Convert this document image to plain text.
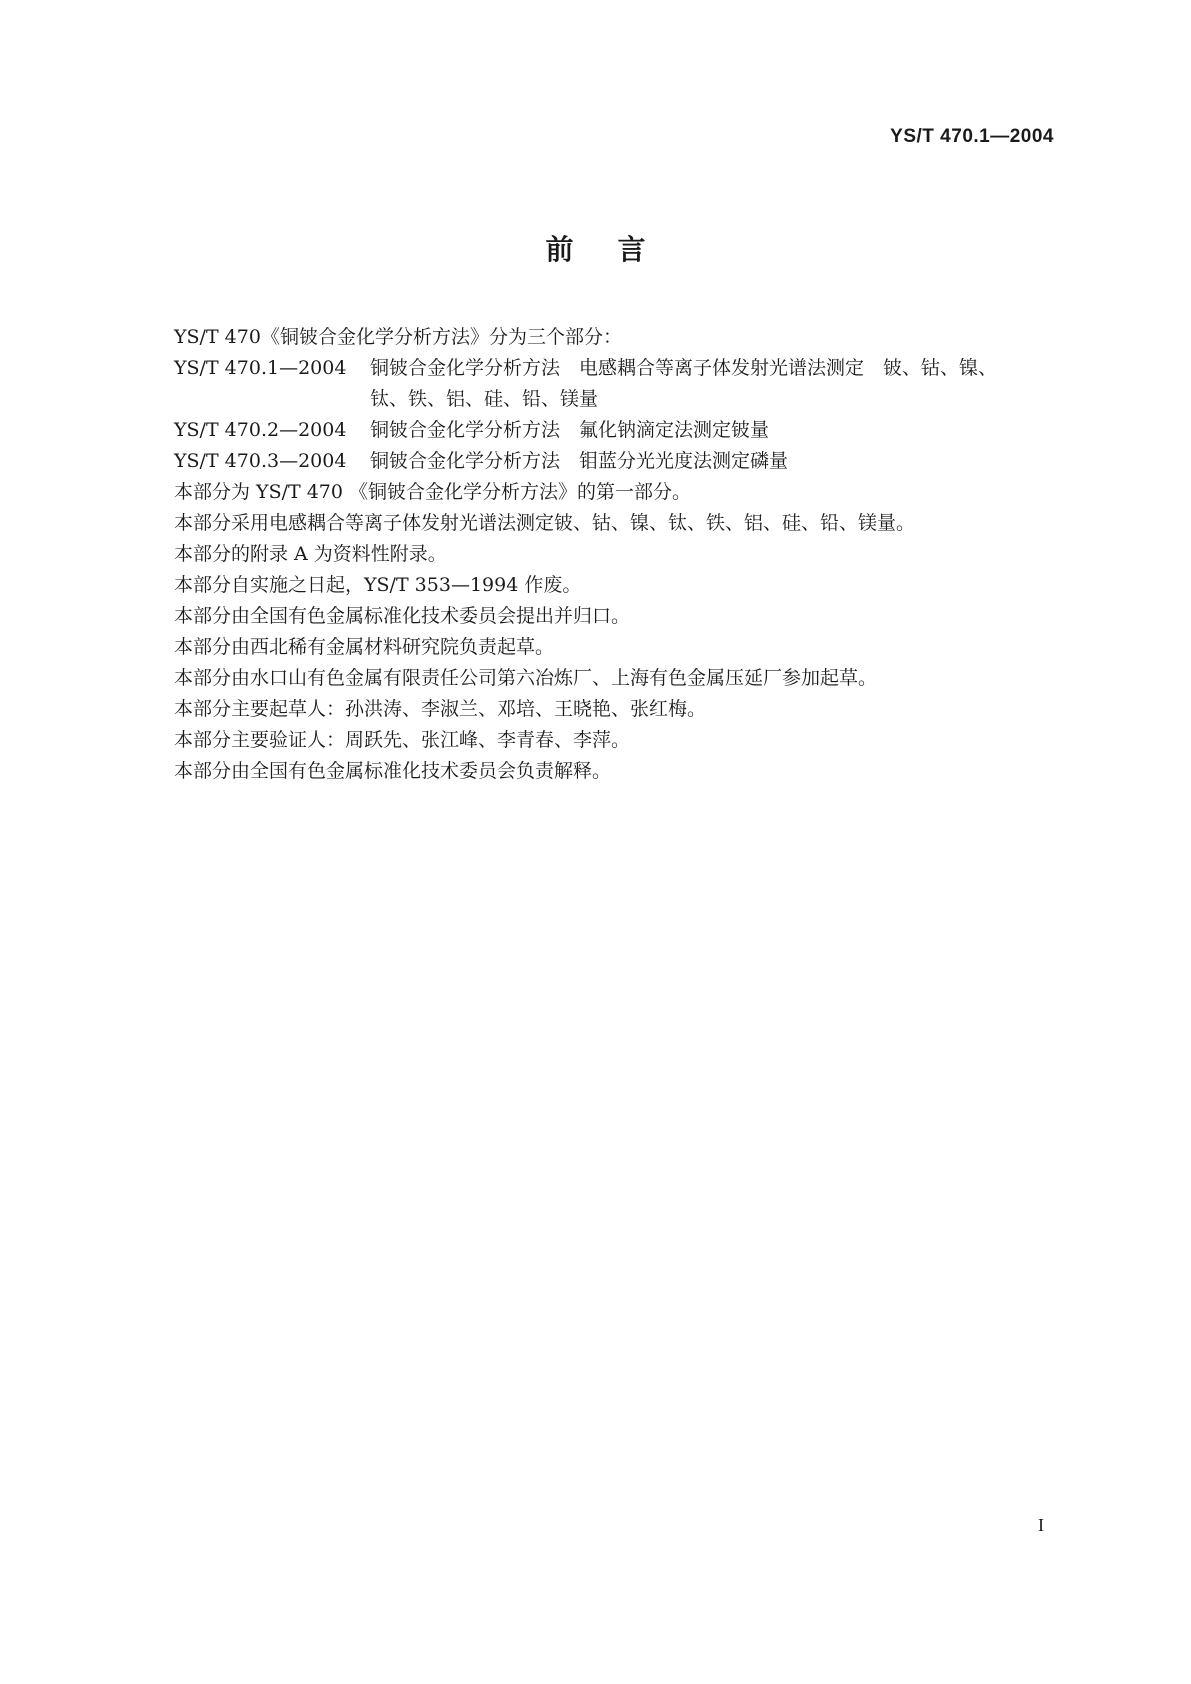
YS/T 470.1—2004
前言
YS/T 470《铜铍合金化学分析方法》分为三个部分：
YS/T 470.1—2004	铜铍合金化学分析方法　电感耦合等离子体发射光谱法测定　铍、钴、镍、
钛、铁、铝、硅、铅、镁量
YS/T 470.2—2004	铜铍合金化学分析方法　氟化钠滴定法测定铍量
YS/T 470.3—2004	铜铍合金化学分析方法　钼蓝分光光度法测定磷量
本部分为 YS/T 470 《铜铍合金化学分析方法》的第一部分。
本部分采用电感耦合等离子体发射光谱法测定铍、钴、镍、钛、铁、铝、硅、铅、镁量。
本部分的附录 A 为资料性附录。
本部分自实施之日起，YS/T 353—1994 作废。
本部分由全国有色金属标准化技术委员会提出并归口。
本部分由西北稀有金属材料研究院负责起草。
本部分由水口山有色金属有限责任公司第六冶炼厂、上海有色金属压延厂参加起草。
本部分主要起草人：孙洪涛、李淑兰、邓培、王晓艳、张红梅。
本部分主要验证人：周跃先、张江峰、李青春、李萍。
本部分由全国有色金属标准化技术委员会负责解释。
I
